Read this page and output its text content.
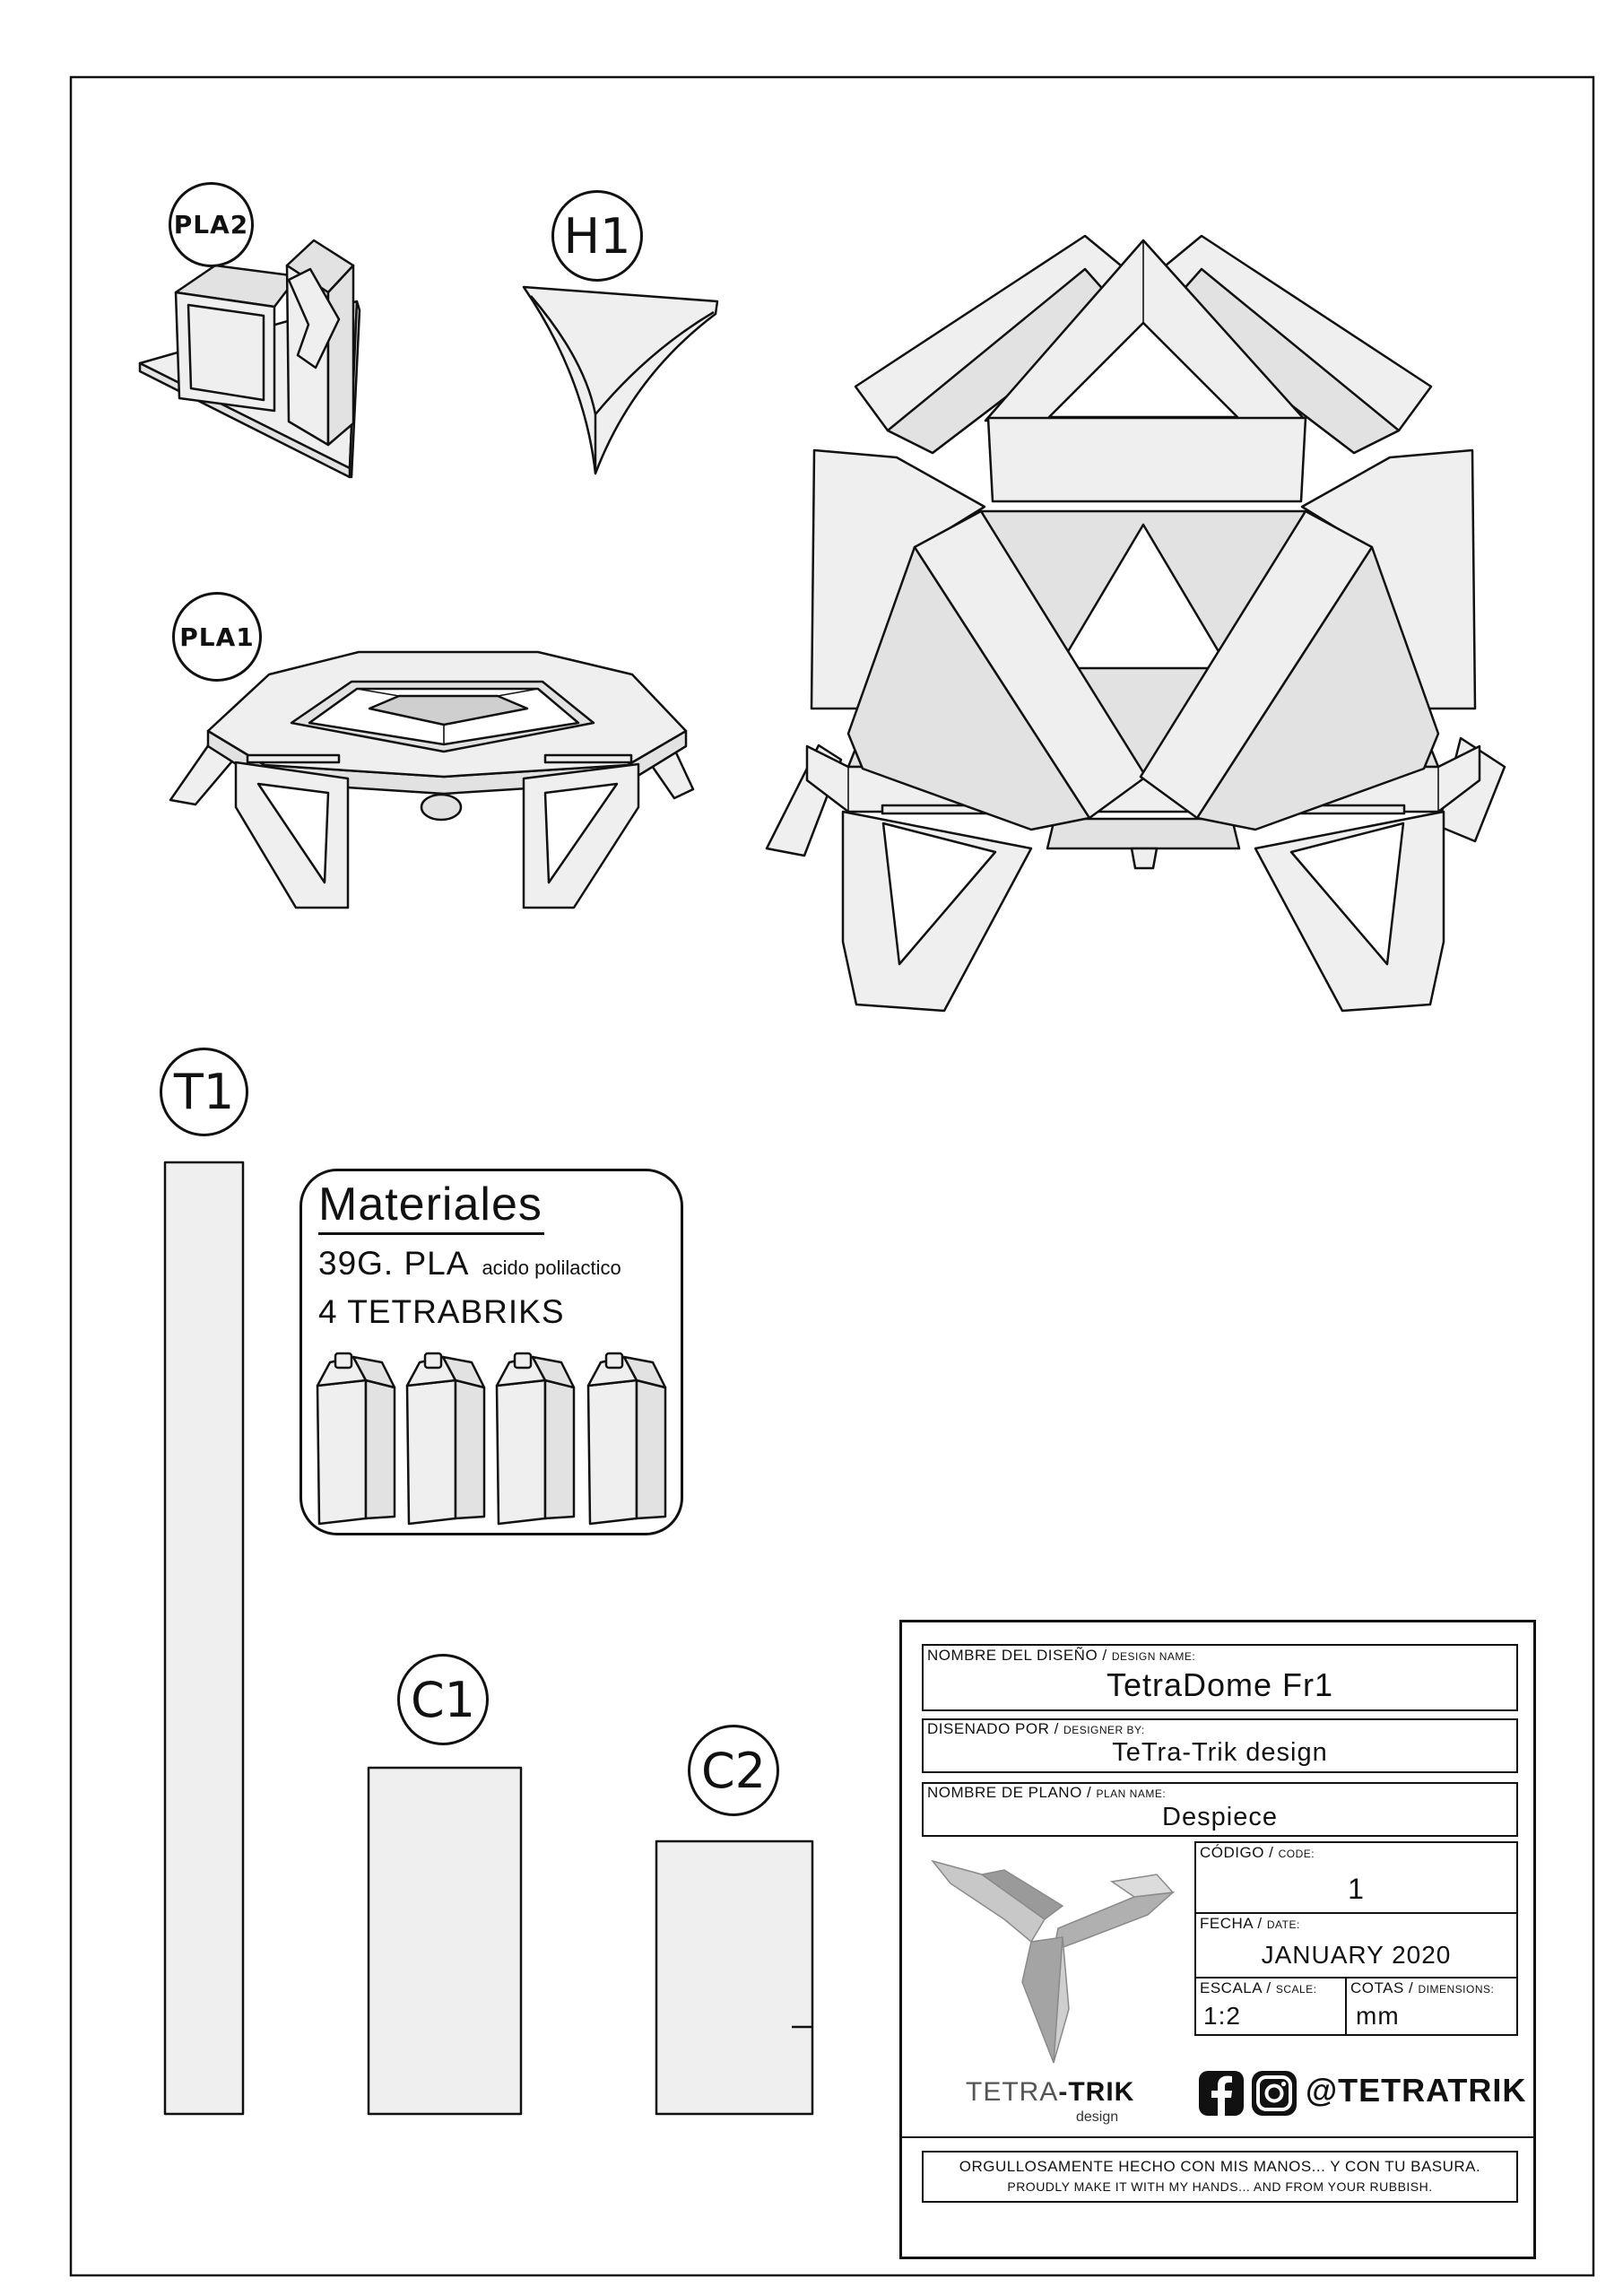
PLA2	H1
PLA1
T1
C1
C2
Materiales
39G. PLA acido polilactico
4 TETRABRIKS
NOMBRE DEL DISEÑO / DESIGN NAME:
TetraDome Fr1
DISENADO POR / DESIGNER BY:
TeTra-Trik design
NOMBRE DE PLANO / PLAN NAME:
Despiece
CÓDIGO / CODE:
1
FECHA / DATE:
JANUARY 2020
ESCALA / SCALE:
1:2
COTAS / DIMENSIONS:
mm
TETRA-TRIK
design
@TETRATRIK
ORGULLOSAMENTE HECHO CON MIS MANOS... Y CON TU BASURA.
PROUDLY MAKE IT WITH MY HANDS... AND FROM YOUR RUBBISH.
